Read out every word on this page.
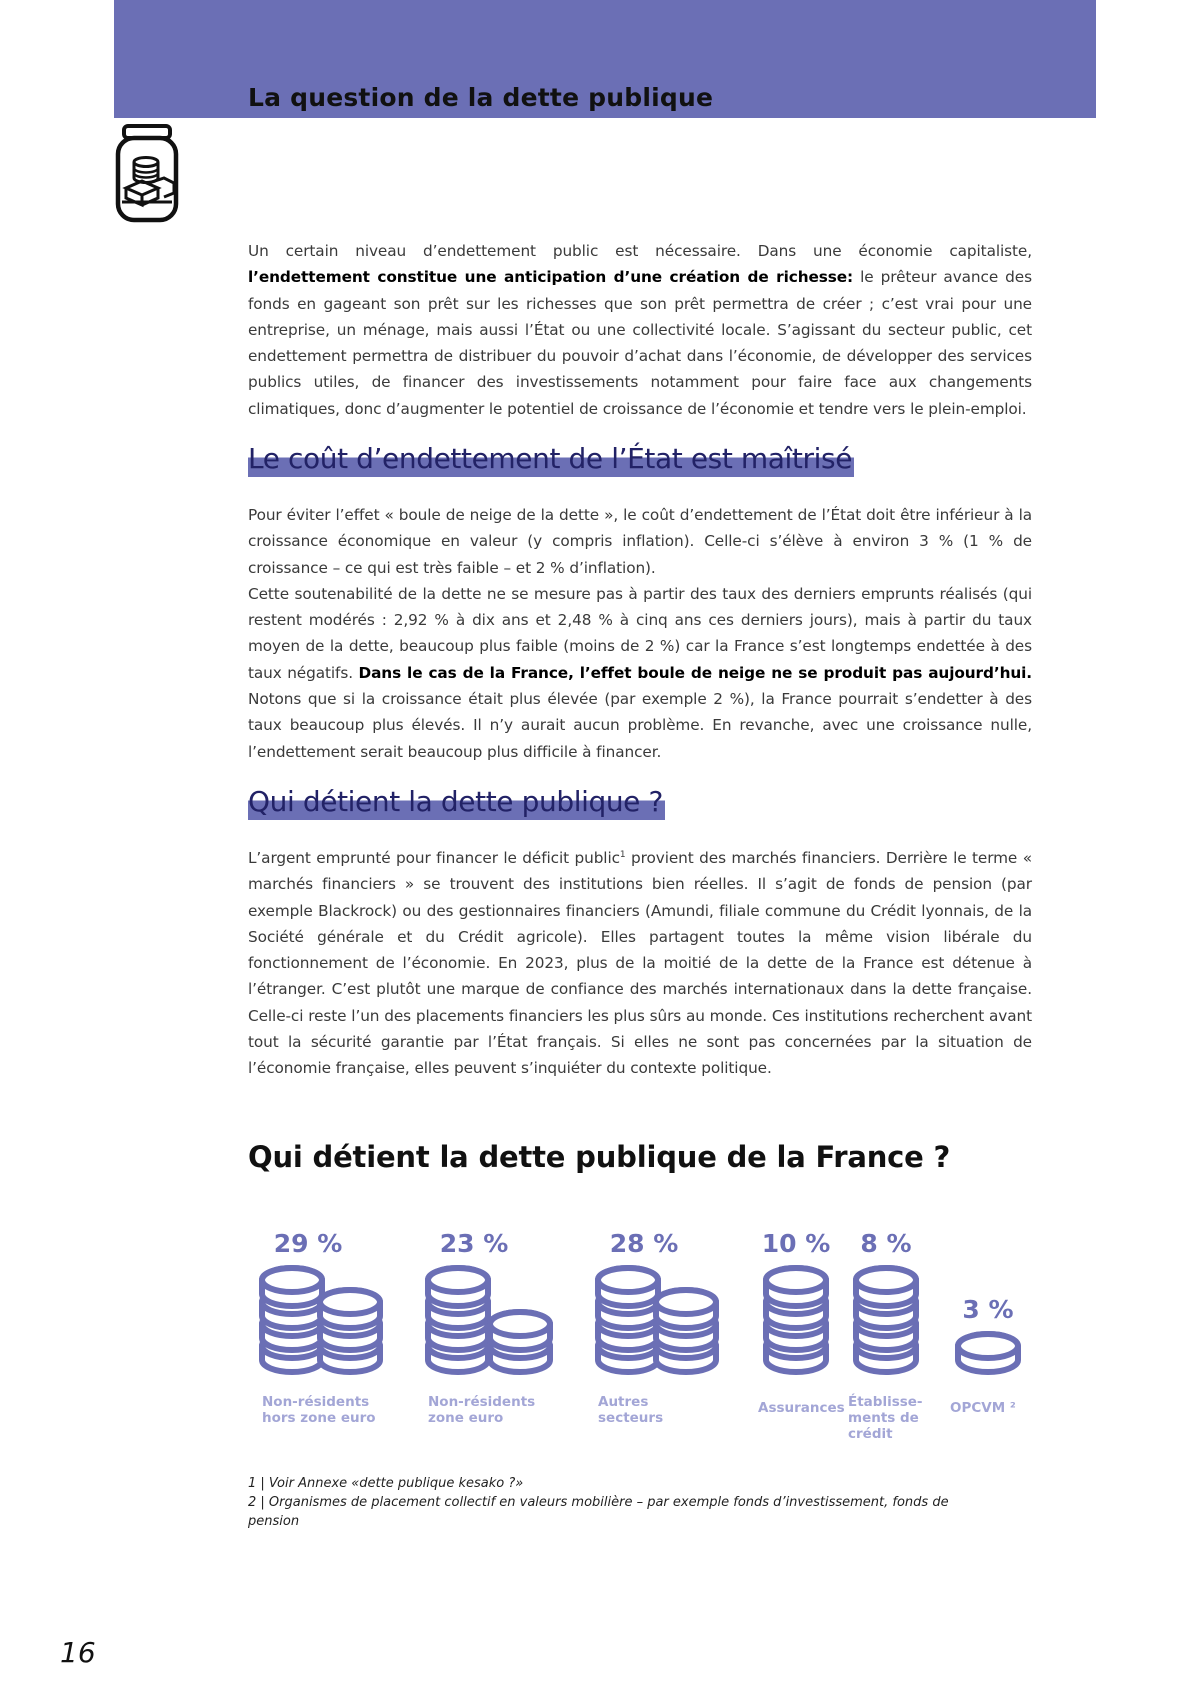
La question de la dette publique

Un certain niveau d’endettement public est nécessaire. Dans une économie capitaliste, l’endettement constitue une anticipation d’une création de richesse: le prêteur avance des fonds en gageant son prêt sur les richesses que son prêt permettra de créer ; c’est vrai pour une entreprise, un ménage, mais aussi l’État ou une collectivité locale. S’agissant du secteur public, cet endettement permettra de distribuer du pouvoir d’achat dans l’économie, de développer des services publics utiles, de financer des investissements notamment pour faire face aux changements climatiques, donc d’augmenter le potentiel de croissance de l’économie et tendre vers le plein-emploi.

Le coût d’endettement de l’État est maîtrisé

Pour éviter l’effet « boule de neige de la dette », le coût d’endettement de l’État doit être inférieur à la croissance économique en valeur (y compris inflation). Celle-ci s’élève à environ 3 % (1 % de croissance – ce qui est très faible – et 2 % d’inflation).

Cette soutenabilité de la dette ne se mesure pas à partir des taux des derniers emprunts réalisés (qui restent modérés : 2,92 % à dix ans et 2,48 % à cinq ans ces derniers jours), mais à partir du taux moyen de la dette, beaucoup plus faible (moins de 2 %) car la France s’est longtemps endettée à des taux négatifs. Dans le cas de la France, l’effet boule de neige ne se produit pas aujourd’hui. Notons que si la croissance était plus élevée (par exemple 2 %), la France pourrait s’endetter à des taux beaucoup plus élevés. Il n’y aurait aucun problème. En revanche, avec une croissance nulle, l’endettement serait beaucoup plus difficile à financer.

Qui détient la dette publique ?

L’argent emprunté pour financer le déficit public$^1$ provient des marchés financiers. Derrière le terme « marchés financiers » se trouvent des institutions bien réelles. Il s’agit de fonds de pension (par exemple Blackrock) ou des gestionnaires financiers (Amundi, filiale commune du Crédit lyonnais, de la Société générale et du Crédit agricole). Elles partagent toutes la même vision libérale du fonctionnement de l’économie. En 2023, plus de la moitié de la dette de la France est détenue à l’étranger. C’est plutôt une marque de confiance des marchés internationaux dans la dette française. Celle-ci reste l’un des placements financiers les plus sûrs au monde. Ces institutions recherchent avant tout la sécurité garantie par l’État français. Si elles ne sont pas concernées par la situation de l’économie française, elles peuvent s’inquiéter du contexte politique.

Qui détient la dette publique de la France ?
29 %
Non-résidents
hors zone euro
23 %
Non-résidents
zone euro
28 %
Autres
secteurs
10 %
Assurances
8 %
Établisse-
ments de
crédit
3 %
OPCVM ²

1 | Voir Annexe «dette publique kesako ?»

2 | Organismes de placement collectif en valeurs mobilière – par exemple fonds d’investissement, fonds de pension

16
